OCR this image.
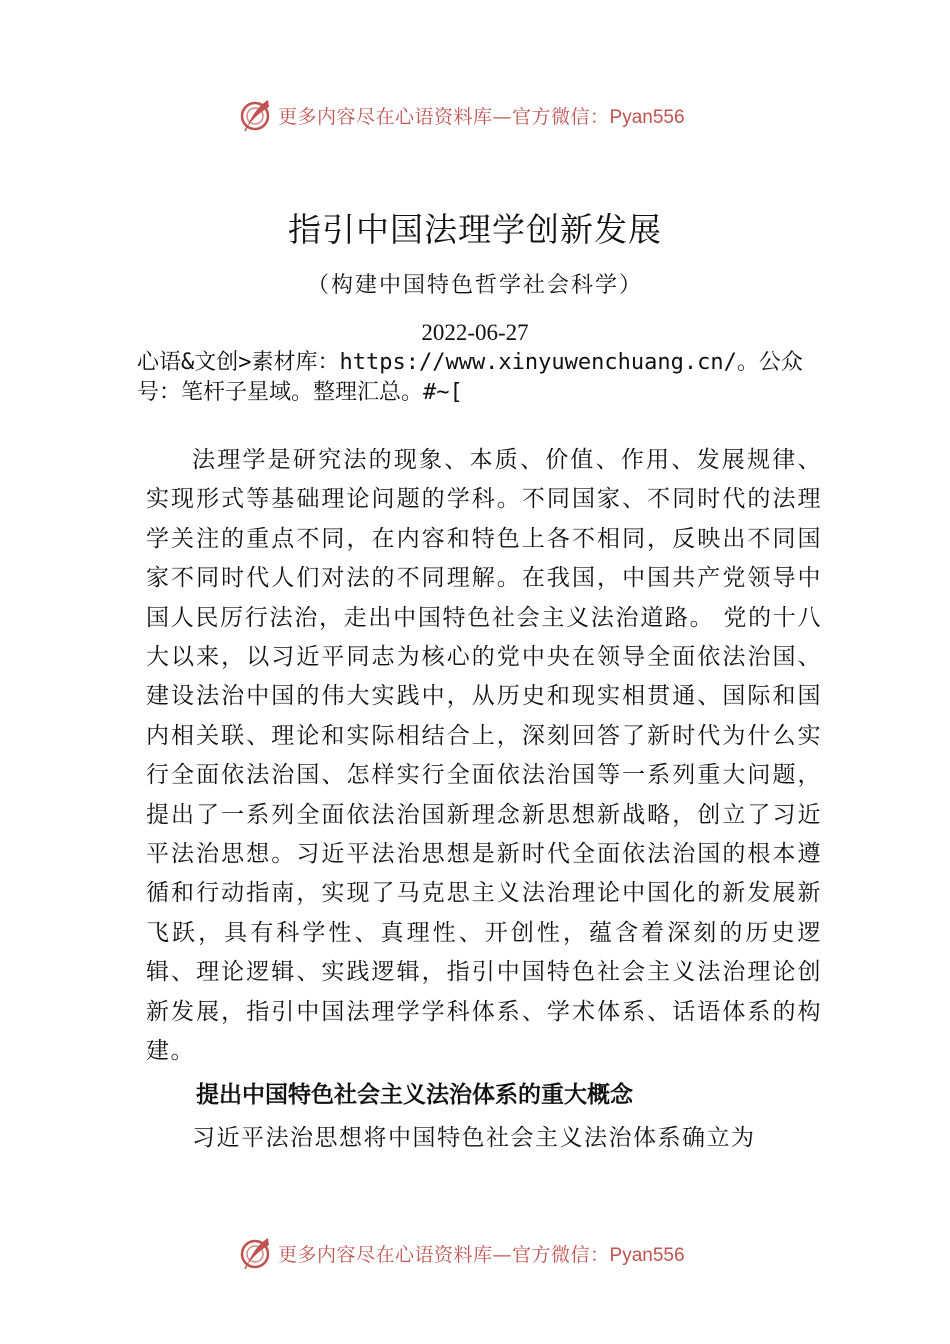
更多内容尽在心语资料库—官方微信：Pyan556
指引中国法理学创新发展
（构建中国特色哲学社会科学）
2022-06-27
心语&文创>素材库：https://www.xinyuwenchuang.cn/。公众号：笔杆子星域。整理汇总。#~[
法理学是研究法的现象、本质、价值、作用、发展规律、实现形式等基础理论问题的学科。不同国家、不同时代的法理学关注的重点不同，在内容和特色上各不相同，反映出不同国家不同时代人们对法的不同理解。在我国，中国共产党领导中国人民厉行法治，走出中国特色社会主义法治道路。 党的十八大以来，以习近平同志为核心的党中央在领导全面依法治国、建设法治中国的伟大实践中，从历史和现实相贯通、国际和国内相关联、理论和实际相结合上，深刻回答了新时代为什么实行全面依法治国、怎样实行全面依法治国等一系列重大问题，提出了一系列全面依法治国新理念新思想新战略，创立了习近平法治思想。习近平法治思想是新时代全面依法治国的根本遵循和行动指南，实现了马克思主义法治理论中国化的新发展新飞跃，具有科学性、真理性、开创性，蕴含着深刻的历史逻辑、理论逻辑、实践逻辑，指引中国特色社会主义法治理论创新发展，指引中国法理学学科体系、学术体系、话语体系的构建。
提出中国特色社会主义法治体系的重大概念
习近平法治思想将中国特色社会主义法治体系确立为
更多内容尽在心语资料库—官方微信：Pyan556
